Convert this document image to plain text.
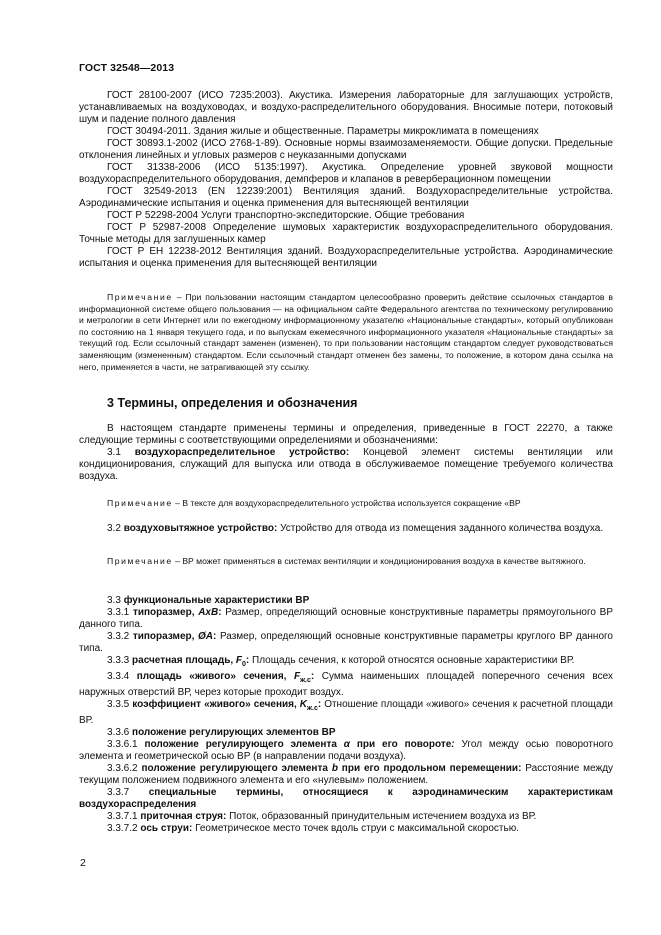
ГОСТ 32548—2013

ГОСТ 28100-2007 (ИСО 7235:2003). Акустика. Измерения лабораторные для заглушающих устройств, устанавливаемых на воздуховодах, и воздухо-распределительного оборудования. Вносимые потери, потоковый шум и падение полного давления

ГОСТ 30494-2011. Здания жилые и общественные. Параметры микроклимата в помещениях

ГОСТ 30893.1-2002 (ИСО 2768-1-89). Основные нормы взаимозаменяемости. Общие допуски. Предельные отклонения линейных и угловых размеров с неуказанными допусками

ГОСТ 31338-2006 (ИСО 5135:1997). Акустика. Определение уровней звуковой мощности воздухораспределительного оборудования, демпферов и клапанов в реверберационном помещении

ГОСТ 32549-2013 (EN 12239:2001) Вентиляция зданий. Воздухораспределительные устройства. Аэродинамические испытания и оценка применения для вытесняющей вентиляции

ГОСТ Р 52298-2004 Услуги транспортно-экспедиторские. Общие требования

ГОСТ Р 52987-2008 Определение шумовых характеристик воздухораспределительного оборудования. Точные методы для заглушенных камер

ГОСТ Р ЕН 12238-2012 Вентиляция зданий. Воздухораспределительные устройства. Аэродинамические испытания и оценка применения для вытесняющей вентиляции

Примечание – При пользовании настоящим стандартом целесообразно проверить действие ссылочных стандартов в информационной системе общего пользования — на официальном сайте Федерального агентства по техническому регулированию и метрологии в сети Интернет или по ежегодному информационному указателю «Национальные стандарты», который опубликован по состоянию на 1 января текущего года, и по выпускам ежемесячного информационного указателя «Национальные стандарты» за текущий год. Если ссылочный стандарт заменен (изменен), то при пользовании настоящим стандартом следует руководствоваться заменяющим (измененным) стандартом. Если ссылочный стандарт отменен без замены, то положение, в котором дана ссылка на него, применяется в части, не затрагивающей эту ссылку.

3 Термины, определения и обозначения

В настоящем стандарте применены термины и определения, приведенные в ГОСТ 22270, а также следующие термины с соответствующими определениями и обозначениями:

3.1 воздухораспределительное устройство: Концевой элемент системы вентиляции или кондиционирования, служащий для выпуска или отвода в обслуживаемое помещение требуемого количества воздуха.

Примечание – В тексте для воздухораспределительного устройства используется сокращение «ВР

3.2 воздуховытяжное устройство: Устройство для отвода из помещения заданного количества воздуха.

Примечание – ВР может применяться в системах вентиляции и кондиционирования воздуха в качестве вытяжного.

3.3 функциональные характеристики ВР

3.3.1 типоразмер, AxB: Размер, определяющий основные конструктивные параметры прямоугольного ВР данного типа.

3.3.2 типоразмер, ØA: Размер, определяющий основные конструктивные параметры круглого ВР данного типа.

3.3.3 расчетная площадь, $F_0$: Площадь сечения, к которой относятся основные характеристики ВР.

3.3.4 площадь «живого» сечения, $F_{ж.с}$: Сумма наименьших площадей поперечного сечения всех наружных отверстий ВР, через которые проходит воздух.

3.3.5 коэффициент «живого» сечения, $K_{ж.с}$: Отношение площади «живого» сечения к расчетной площади ВР.

3.3.6 положение регулирующих элементов ВР

3.3.6.1 положение регулирующего элемента α при его повороте: Угол между осью поворотного элемента и геометрической осью ВР (в направлении подачи воздуха).

3.3.6.2 положение регулирующего элемента b при его продольном перемещении: Расстояние между текущим положением подвижного элемента и его «нулевым» положением.

3.3.7 специальные термины, относящиеся к аэродинамическим характеристикам воздухораспределения

3.3.7.1 приточная струя: Поток, образованный принудительным истечением воздуха из ВР.

3.3.7.2 ось струи: Геометрическое место точек вдоль струи с максимальной скоростью.

2
